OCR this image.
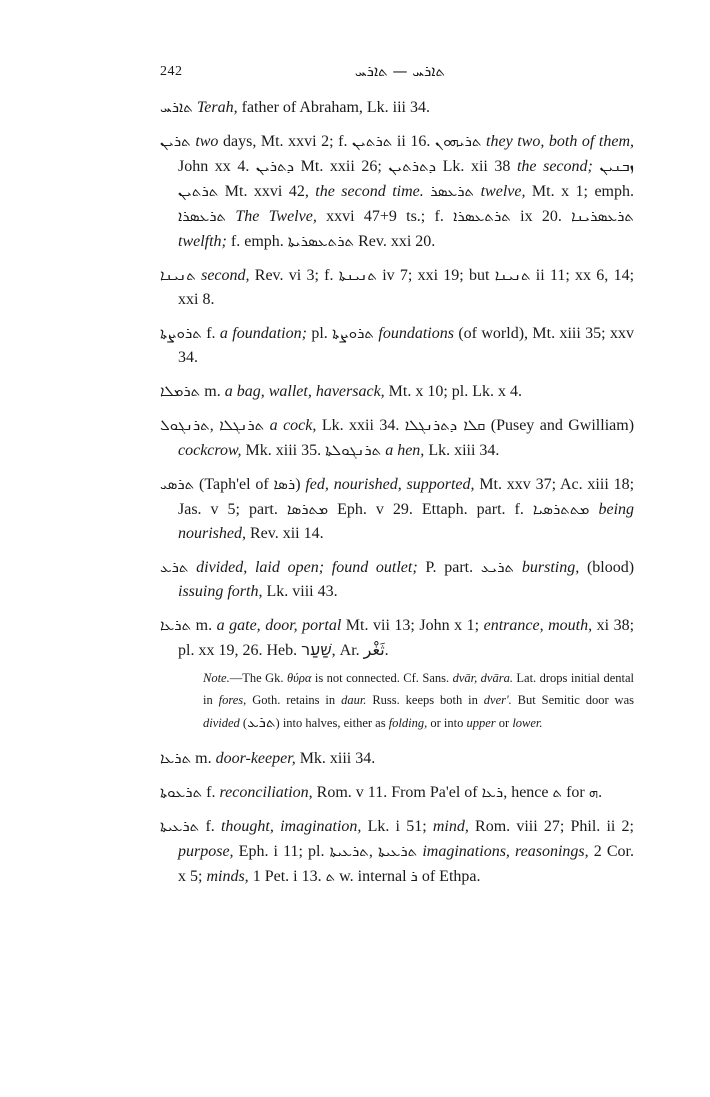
242	ܬܐܪܚ — ܬܐܪܚ

ܬܐܪܚ Terah, father of Abraham, Lk. iii 34.

ܬܪܝܢ two days, Mt. xxvi 2; f. ܬܪܬܝܢ ii 16. ܬܪܝܗܘܢ they two, both of them, John xx 4. ܕܬܪܝܢ Mt. xxii 26; ܕܬܪܬܝܢ Lk. xii 38 the second; ܙܒܢܝܢ ܬܪܬܝܢ Mt. xxvi 42, the second time. ܬܪܥܣܪ twelve, Mt. x 1; emph. ܬܪܥܣܪܐ The Twelve, xxvi 47+9 ts.; f. ܬܪܬܥܣܪܐ ix 20. ܬܪܥܣܪܝܢܐ twelfth; f. emph. ܬܪܬܥܣܪܝܬܐ Rev. xxi 20.

ܬܢܝܢܐ second, Rev. vi 3; f. ܬܢܝܢܬܐ iv 7; xxi 19; but ܬܢܝܢܐ ii 11; xx 6, 14; xxi 8.

ܬܪܘܨܬܐ f. a foundation; pl. ܬܪܘܨܬܐ foundations (of world), Mt. xiii 35; xxv 34.

ܬܪܡܠܐ m. a bag, wallet, haversack, Mt. x 10; pl. Lk. x 4.

ܬܪܢܓܘܠ, ܬܪܢܓܠܐ a cock, Lk. xxii 34. ܩܠܐ ܕܬܪܢܓܠܐ (Pusey and Gwilliam) cockcrow, Mk. xiii 35. ܬܪܢܓܘܠܬܐ a hen, Lk. xiii 34.

ܬܪܣܝ (Taph'el of ܪܣܐ) fed, nourished, supported, Mt. xxv 37; Ac. xiii 18; Jas. v 5; part. ܡܬܪܣܐ Eph. v 29. Ettaph. part. f. ܡܬܬܪܣܝܐ being nourished, Rev. xii 14.

ܬܪܥ divided, laid open; found outlet; P. part. ܬܪܝܥ bursting, (blood) issuing forth, Lk. viii 43.

ܬܪܥܐ m. a gate, door, portal Mt. vii 13; John x 1; entrance, mouth, xi 38; pl. xx 19, 26. Heb. שַׁעַר, Ar. ثَغْر.

Note.—The Gk. θύρα is not connected. Cf. Sans. dvār, dvāra. Lat. drops initial dental in fores, Goth. retains in daur. Russ. keeps both in dver'. But Semitic door was divided (ܬܪܥ) into halves, either as folding, or into upper or lower.

ܬܪܥܐ m. door-keeper, Mk. xiii 34.

ܬܪܥܘܬܐ f. reconciliation, Rom. v 11. From Pa'el of ܪܥܐ, hence ܬ for ܗ.

ܬܪܥܝܬܐ f. thought, imagination, Lk. i 51; mind, Rom. viii 27; Phil. ii 2; purpose, Eph. i 11; pl. ܬܪܥܝܬܐ, ܬܪܥܝܬܐ imaginations, reasonings, 2 Cor. x 5; minds, 1 Pet. i 13. ܬ w. internal ܪ of Ethpa.
